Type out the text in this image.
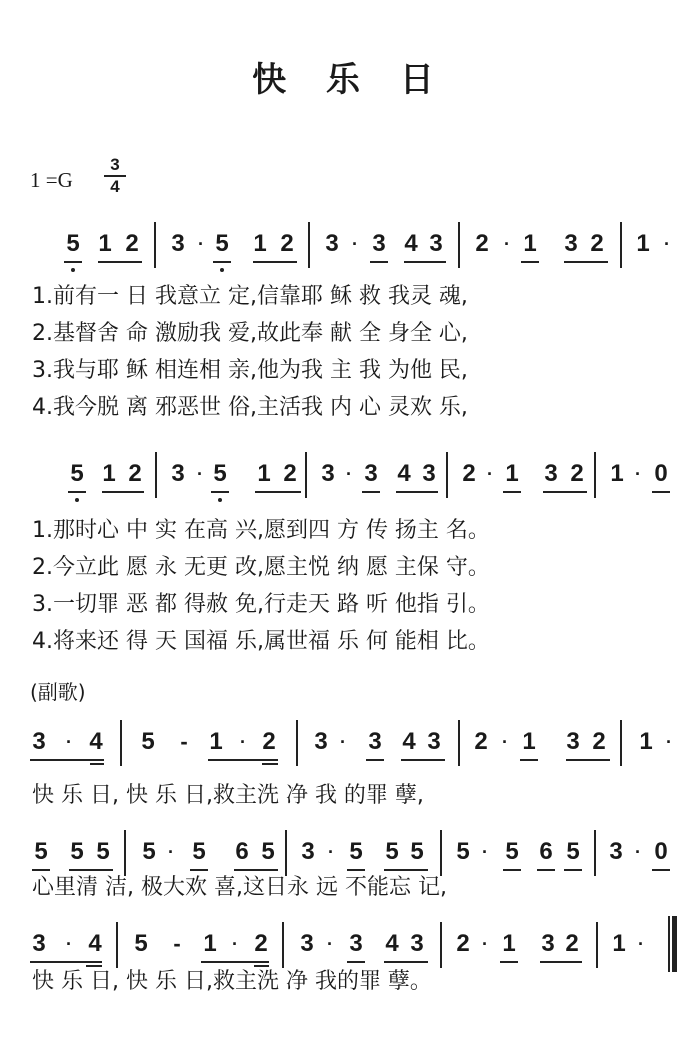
快 乐 日
1 =G
3
4
5 1 2 3 · 5 1 2 3 · 3 4 3 2 · 1 3 2 1 ·
1.前有一 日 我意立 定,信靠耶 稣 救 我灵 魂,
2.基督舍 命 激励我 爱,故此奉 献 全 身全 心,
3.我与耶 稣 相连相 亲,他为我 主 我 为他 民,
4.我今脱 离 邪恶世 俗,主活我 内 心 灵欢 乐,
5 1 2 3 · 5 1 2 3 · 3 4 3 2 · 1 3 2 1 · 0
1.那时心 中 实 在高 兴,愿到四 方 传 扬主 名。
2.今立此 愿 永 无更 改,愿主悦 纳 愿 主保 守。
3.一切罪 恶 都 得赦 免,行走天 路 听 他指 引。
4.将来还 得 天 国福 乐,属世福 乐 何 能相 比。
(副歌)
3 · 4 5 - 1 · 2 3 · 3 4 3 2 · 1 3 2 1 ·
快 乐 日, 快 乐 日,救主洗 净 我 的罪 孽,
5 5 5 5 · 5 6 5 3 · 5 5 5 5 · 5 6 5 3 · 0
心里清 洁, 极大欢 喜,这日永 远 不能忘 记,
3 · 4 5 - 1 · 2 3 · 3 4 3 2 · 1 3 2 1 ·
快 乐 日, 快 乐 日,救主洗 净 我的罪 孽。
